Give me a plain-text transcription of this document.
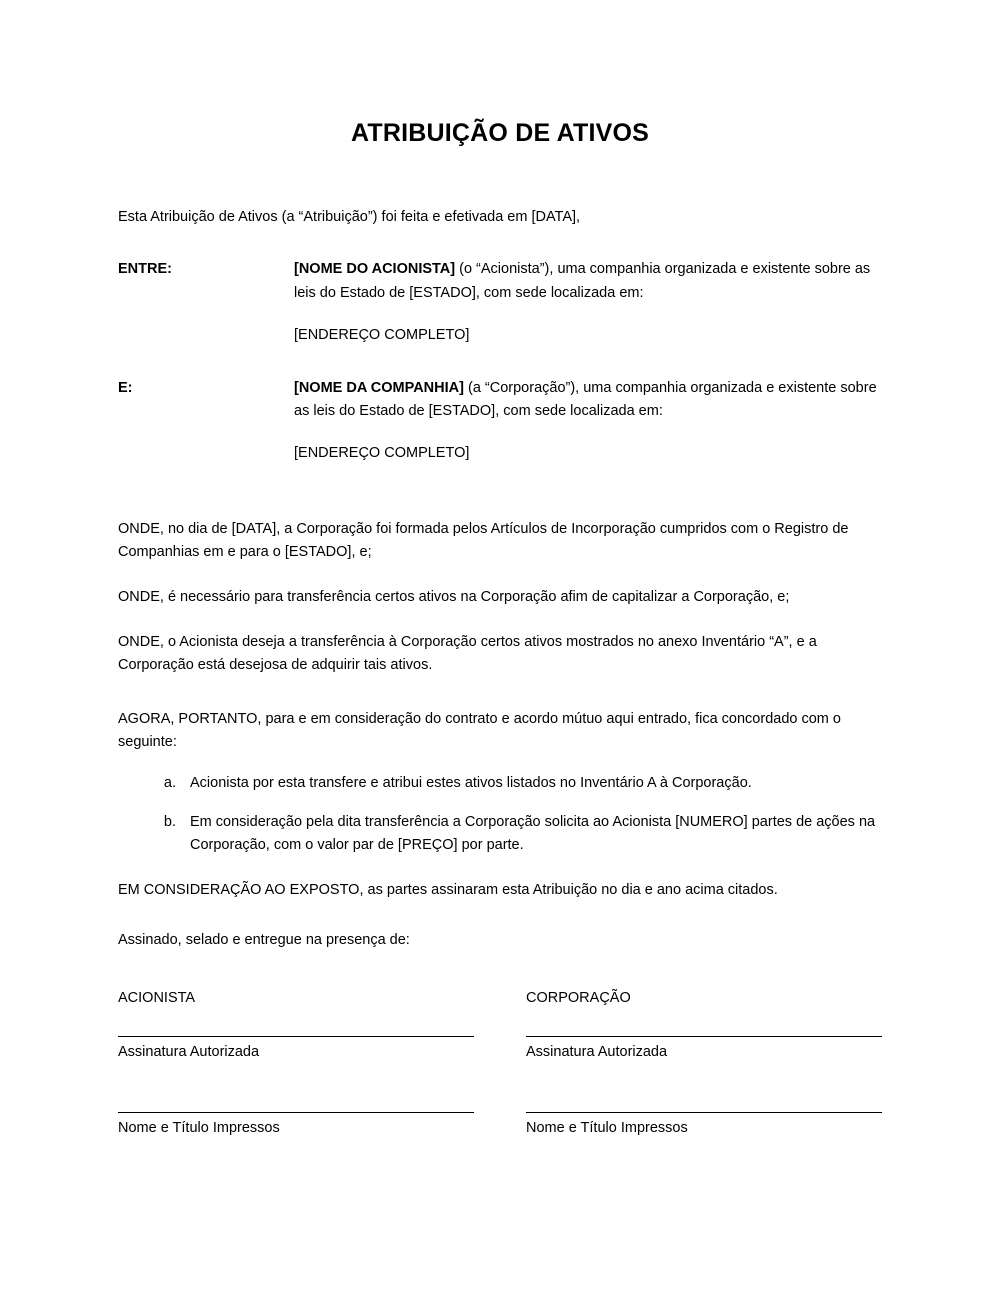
ATRIBUIÇÃO DE ATIVOS

Esta Atribuição de Ativos (a “Atribuição”) foi feita e efetivada em [DATA],

ENTRE:	[NOME DO ACIONISTA] (o “Acionista”), uma companhia organizada e existente sobre as leis do Estado de [ESTADO], com sede localizada em:
[ENDEREÇO COMPLETO]
E:	[NOME DA COMPANHIA] (a “Corporação”), uma companhia organizada e existente sobre as leis do Estado de [ESTADO], com sede localizada em:
[ENDEREÇO COMPLETO]

ONDE, no dia de [DATA], a Corporação foi formada pelos Artículos de Incorporação cumpridos com o Registro de Companhias em e para o [ESTADO], e;

ONDE, é necessário para transferência certos ativos na Corporação afim de capitalizar a Corporação, e;

ONDE, o Acionista deseja a transferência à Corporação certos ativos mostrados no anexo Inventário “A”, e a Corporação está desejosa de adquirir tais ativos.

AGORA, PORTANTO, para e em consideração do contrato e acordo mútuo aqui entrado, fica concordado com o seguinte:

a. Acionista por esta transfere e atribui estes ativos listados no Inventário A à Corporação.
b. Em consideração pela dita transferência a Corporação solicita ao Acionista [NUMERO] partes de ações na Corporação, com o valor par de [PREÇO] por parte.

EM CONSIDERAÇÃO AO EXPOSTO, as partes assinaram esta Atribuição no dia e ano acima citados.

Assinado, selado e entregue na presença de:

ACIONISTA
Assinatura Autorizada
Nome e Título Impressos
CORPORAÇÃO
Assinatura Autorizada
Nome e Título Impressos
